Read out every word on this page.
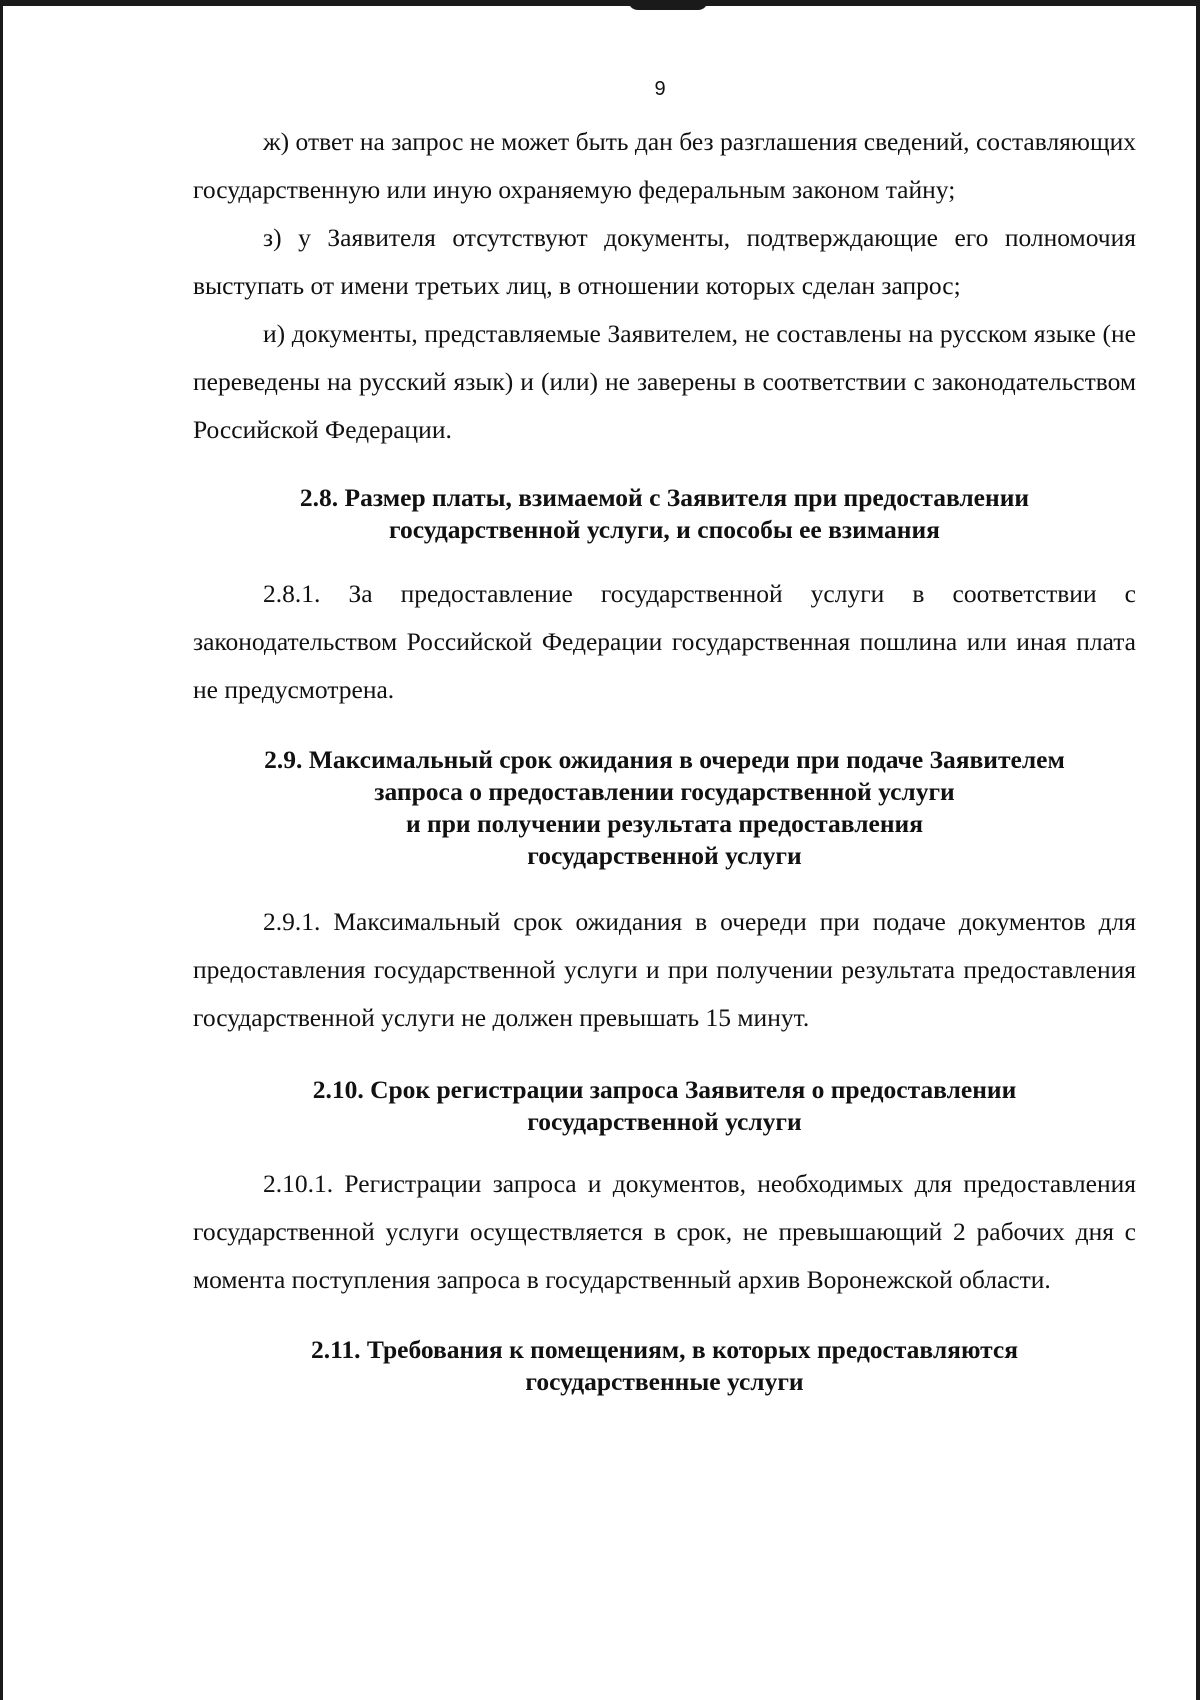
9

ж) ответ на запрос не может быть дан без разглашения сведений, составляющих государственную или иную охраняемую федеральным законом тайну;

з) у Заявителя отсутствуют документы, подтверждающие его полномочия выступать от имени третьих лиц, в отношении которых сделан запрос;

и) документы, представляемые Заявителем, не составлены на русском языке (не переведены на русский язык) и (или) не заверены в соответствии с законодательством Российской Федерации.

2.8. Размер платы, взимаемой с Заявителя при предоставлении
государственной услуги, и способы ее взимания

2.8.1. За предоставление государственной услуги в соответствии с законодательством Российской Федерации государственная пошлина или иная плата не предусмотрена.

2.9. Максимальный срок ожидания в очереди при подаче Заявителем
запроса о предоставлении государственной услуги
и при получении результата предоставления
государственной услуги

2.9.1. Максимальный срок ожидания в очереди при подаче документов для предоставления государственной услуги и при получении результата предоставления государственной услуги не должен превышать 15 минут.

2.10. Срок регистрации запроса Заявителя о предоставлении
государственной услуги

2.10.1. Регистрации запроса и документов, необходимых для предоставления государственной услуги осуществляется в срок, не превышающий 2 рабочих дня с момента поступления запроса в государственный архив Воронежской области.

2.11. Требования к помещениям, в которых предоставляются
государственные услуги
